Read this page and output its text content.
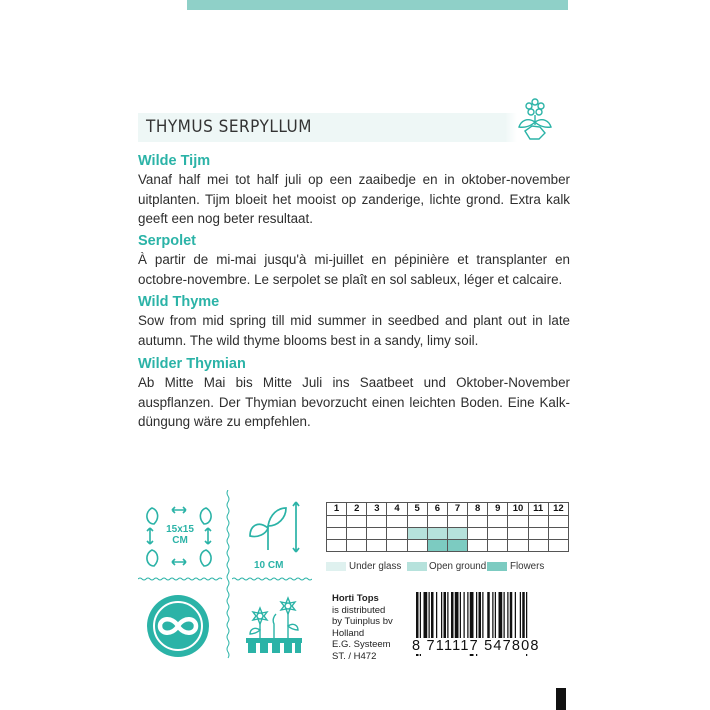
THYMUS SERPYLLUM
Wilde Tijm
Vanaf half mei tot half juli op een zaaibedje en in oktober-november uitplanten. Tijm bloeit het mooist op zanderige, lichte grond. Extra kalk geeft een nog beter resultaat.
Serpolet
À partir de mi-mai jusqu'à mi-juillet en pépinière et transplanter en octobre-novembre. Le serpolet se plaît en sol sableux, léger et calcaire.
Wild Thyme
Sow from mid spring till mid summer in seedbed and plant out in late autumn. The wild thyme blooms best in a sandy, limy soil.
Wilder Thymian
Ab Mitte Mai bis Mitte Juli ins Saatbeet und Oktober-November auspflanzen. Der Thymian bevorzucht einen leichten Boden. Eine Kalk-düngung wäre zu empfehlen.
15x15
CM
10 CM
1	2	3	4	5	6	7	8	9	10	11	12

Under glass	Open ground Flowers
Horti Tops
is distributed
by Tuinplus bv
Holland
E.G. Systeem
ST. / H472
8 711117 547808
